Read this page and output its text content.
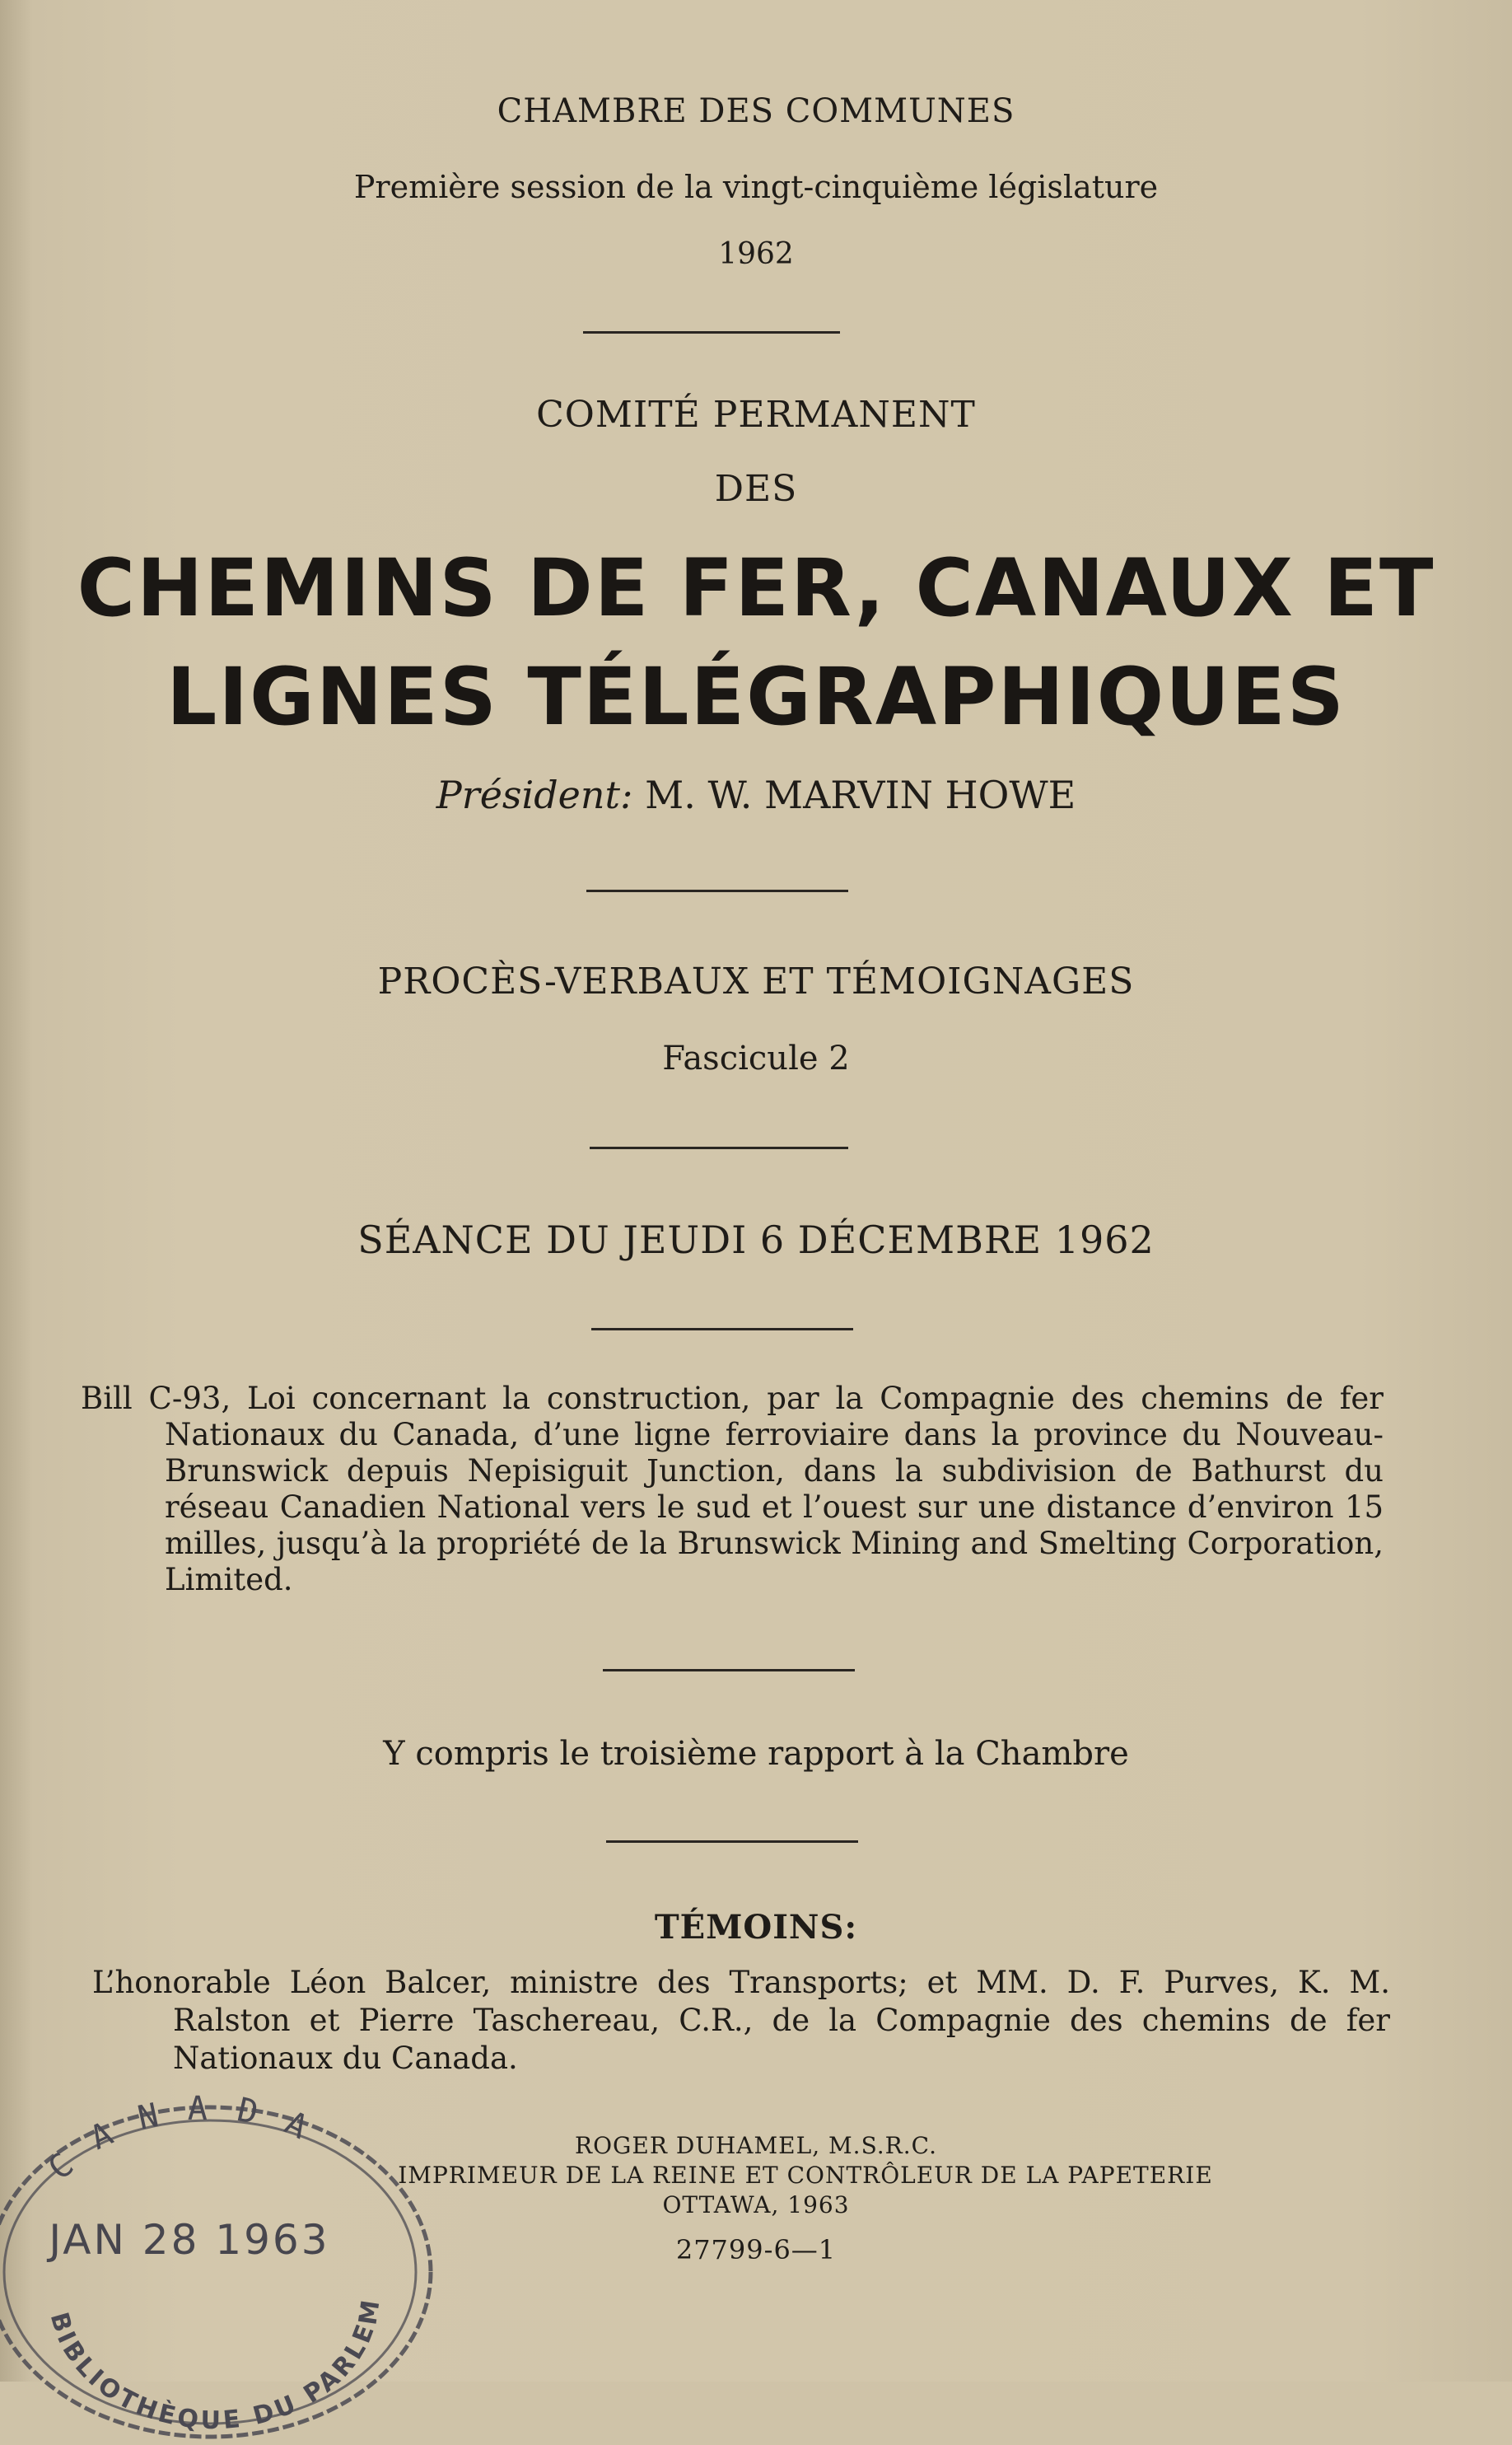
CHAMBRE DES COMMUNES
Première session de la vingt-cinquième législature
1962
COMITÉ PERMANENT
DES
CHEMINS DE FER, CANAUX ET
LIGNES TÉLÉGRAPHIQUES
Président: M. W. MARVIN HOWE
PROCÈS-VERBAUX ET TÉMOIGNAGES
Fascicule 2
SÉANCE DU JEUDI 6 DÉCEMBRE 1962
Bill C-93, Loi concernant la construction, par la Compagnie des chemins de fer Nationaux du Canada, d’une ligne ferroviaire dans la province du Nouveau-Brunswick depuis Nepisiguit Junction, dans la subdivision de Bathurst du réseau Canadien National vers le sud et l’ouest sur une distance d’environ 15 milles, jusqu’à la propriété de la Brunswick Mining and Smelting Corporation, Limited.
Y compris le troisième rapport à la Chambre
TÉMOINS:
L’honorable Léon Balcer, ministre des Transports; et MM. D. F. Purves, K. M. Ralston et Pierre Taschereau, C.R., de la Compagnie des chemins de fer Nationaux du Canada.
ROGER DUHAMEL, M.S.R.C.
IMPRIMEUR DE LA REINE ET CONTRÔLEUR DE LA PAPETERIE
OTTAWA, 1963
27799-6—1
CANADA
JAN 28 1963
BIBLIOTHÈQUE DU PARLEM
